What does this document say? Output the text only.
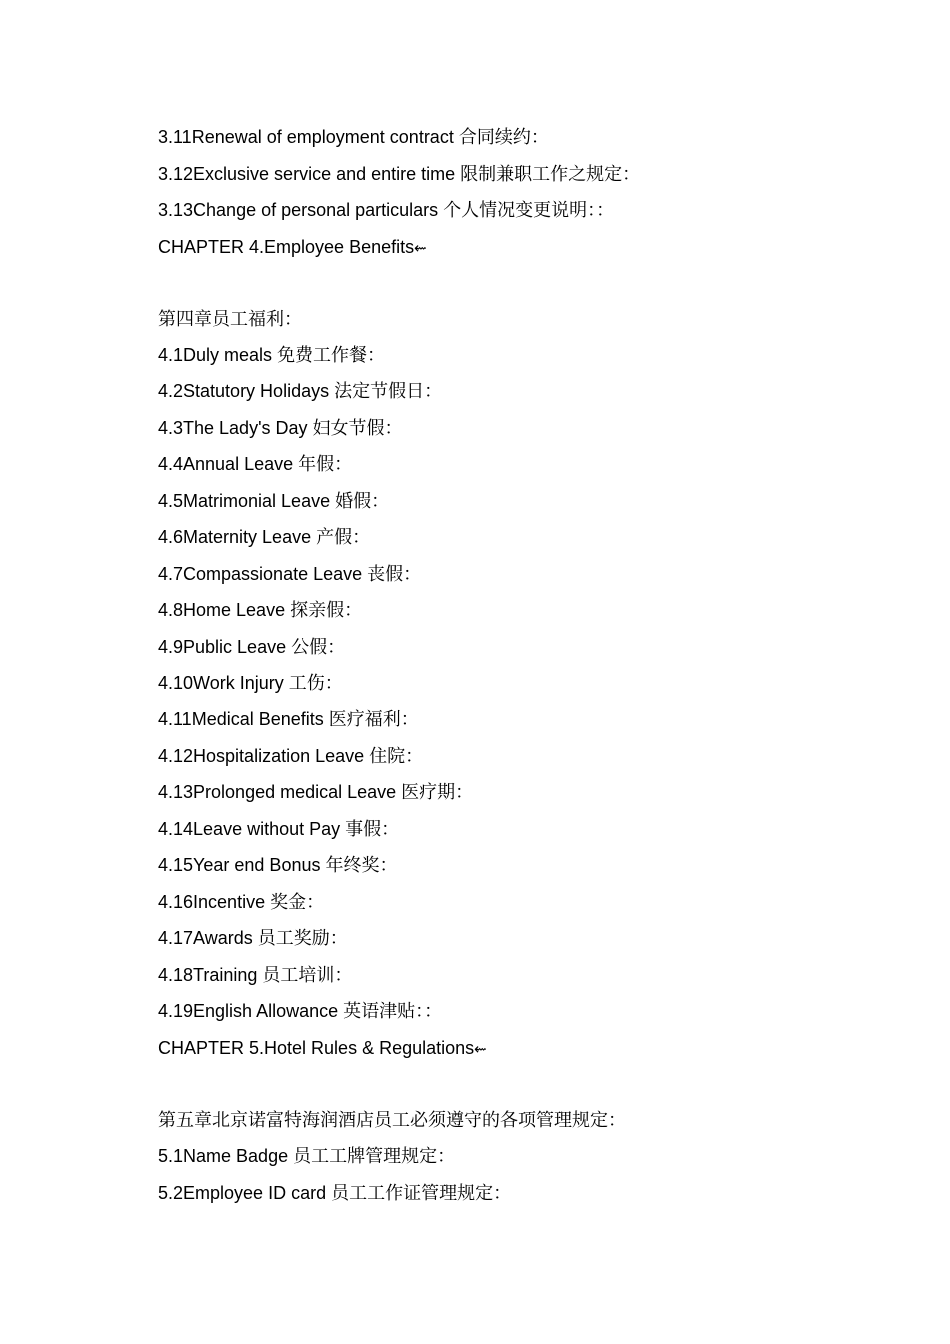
3.11Renewal of employment contract 合同续约：
3.12Exclusive service and entire time 限制兼职工作之规定：
3.13Change of personal particulars 个人情况变更说明：：
CHAPTER 4.Employee Benefits⇜
第四章员工福利：
4.1Duly meals 免费工作餐：
4.2Statutory Holidays 法定节假日：
4.3The Lady's Day 妇女节假：
4.4Annual Leave 年假：
4.5Matrimonial Leave 婚假：
4.6Maternity Leave 产假：
4.7Compassionate Leave 丧假：
4.8Home Leave 探亲假：
4.9Public Leave 公假：
4.10Work Injury 工伤：
4.11Medical Benefits 医疗福利：
4.12Hospitalization Leave 住院：
4.13Prolonged medical Leave 医疗期：
4.14Leave without Pay 事假：
4.15Year end Bonus 年终奖：
4.16Incentive 奖金：
4.17Awards 员工奖励：
4.18Training 员工培训：
4.19English Allowance 英语津贴：：
CHAPTER 5.Hotel Rules & Regulations⇜
第五章北京诺富特海润酒店员工必须遵守的各项管理规定：
5.1Name Badge 员工工牌管理规定：
5.2Employee ID card 员工工作证管理规定：
